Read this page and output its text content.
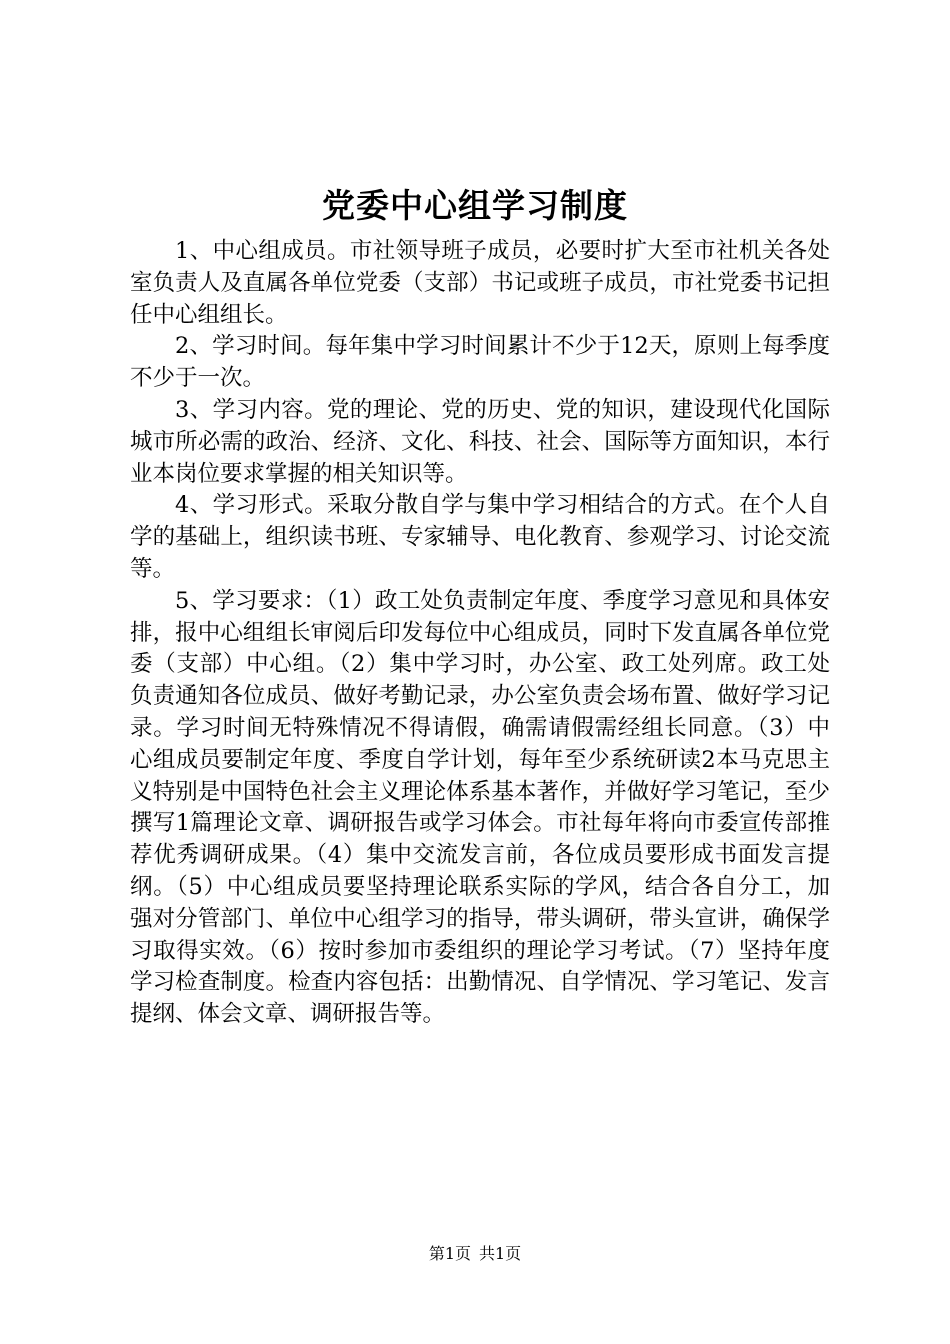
党委中心组学习制度

1、中心组成员。市社领导班子成员，必要时扩大至市社机关各处室负责人及直属各单位党委（支部）书记或班子成员，市社党委书记担任中心组组长。

2、学习时间。每年集中学习时间累计不少于12天，原则上每季度不少于一次。

3、学习内容。党的理论、党的历史、党的知识，建设现代化国际城市所必需的政治、经济、文化、科技、社会、国际等方面知识，本行业本岗位要求掌握的相关知识等。

4、学习形式。采取分散自学与集中学习相结合的方式。在个人自学的基础上，组织读书班、专家辅导、电化教育、参观学习、讨论交流等。

5、学习要求：（1）政工处负责制定年度、季度学习意见和具体安排，报中心组组长审阅后印发每位中心组成员，同时下发直属各单位党委（支部）中心组。（2）集中学习时，办公室、政工处列席。政工处负责通知各位成员、做好考勤记录，办公室负责会场布置、做好学习记录。学习时间无特殊情况不得请假，确需请假需经组长同意。（3）中心组成员要制定年度、季度自学计划，每年至少系统研读2本马克思主义特别是中国特色社会主义理论体系基本著作，并做好学习笔记，至少撰写1篇理论文章、调研报告或学习体会。市社每年将向市委宣传部推荐优秀调研成果。（4）集中交流发言前，各位成员要形成书面发言提纲。（5）中心组成员要坚持理论联系实际的学风，结合各自分工，加强对分管部门、单位中心组学习的指导，带头调研，带头宣讲，确保学习取得实效。（6）按时参加市委组织的理论学习考试。（7）坚持年度学习检查制度。检查内容包括：出勤情况、自学情况、学习笔记、发言提纲、体会文章、调研报告等。

第1页 共1页
